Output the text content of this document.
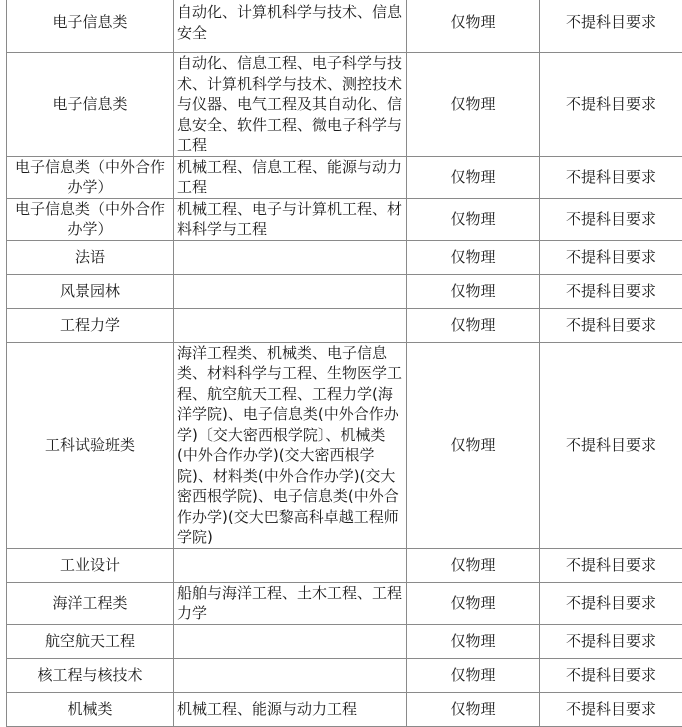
电子信息类	自动化、计算机科学与技术、信息安全	仅物理	不提科目要求
电子信息类	自动化、信息工程、电子科学与技术、计算机科学与技术、测控技术与仪器、电气工程及其自动化、信息安全、软件工程、微电子科学与工程	仅物理	不提科目要求
电子信息类（中外合作办学）	机械工程、信息工程、能源与动力工程	仅物理	不提科目要求
电子信息类（中外合作办学）	机械工程、电子与计算机工程、材料科学与工程	仅物理	不提科目要求
法语		仅物理	不提科目要求
风景园林		仅物理	不提科目要求
工程力学		仅物理	不提科目要求
工科试验班类	海洋工程类、机械类、电子信息类、材料科学与工程、生物医学工程、航空航天工程、工程力学(海洋学院)、电子信息类(中外合作办学)〔交大密西根学院〕、机械类(中外合作办学)(交大密西根学院)、材料类(中外合作办学)(交大密西根学院)、电子信息类(中外合作办学)(交大巴黎高科卓越工程师学院)	仅物理	不提科目要求
工业设计		仅物理	不提科目要求
海洋工程类	船舶与海洋工程、土木工程、工程力学	仅物理	不提科目要求
航空航天工程		仅物理	不提科目要求
核工程与核技术		仅物理	不提科目要求
机械类	机械工程、能源与动力工程	仅物理	不提科目要求
